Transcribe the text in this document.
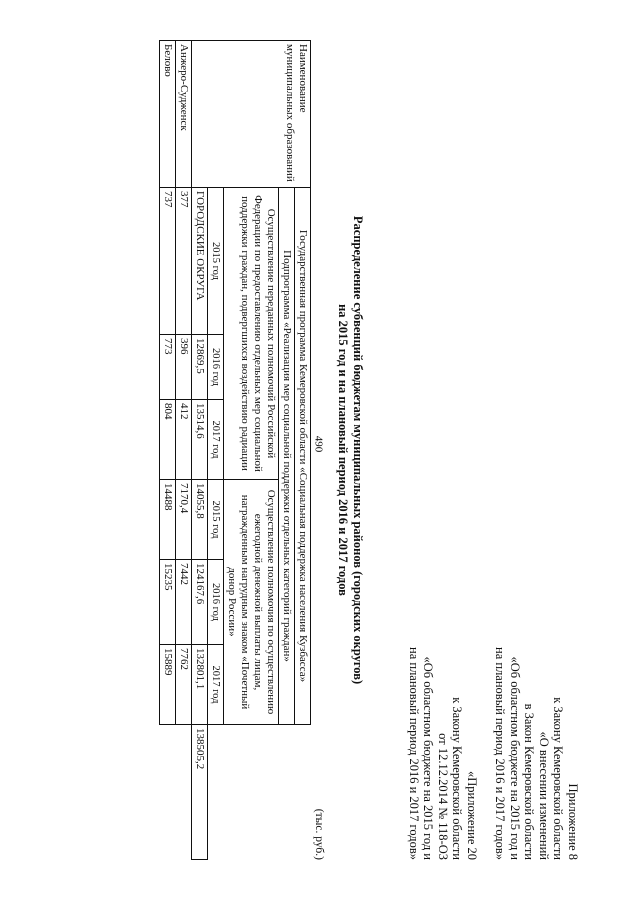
490
Приложение 8
к Закону Кемеровской области
«О внесении изменений
в Закон Кемеровской области
«Об областном бюджете на 2015 год и
на плановый период 2016 и 2017 годов»
«Приложение 20
к Закону Кемеровской области
от 12.12.2014 № 118-ОЗ
«Об областном бюджете на 2015 год и
на плановый период 2016 и 2017 годов»
Распределение субвенций бюджетам муниципальных районов (городских округов)
на 2015 год и на плановый период 2016 и 2017 годов
(тыс. руб.)
Наименование муниципальных образований	Государственная программа Кемеровской области «Социальная поддержка населения Кузбасса»						
	Подпрограмма «Реализация мер социальной поддержки отдельных категорий граждан»						
	Осуществление переданных полномочий Российской Федерации по предоставлению отдельных мер социальной поддержки граждан, подвергшихся воздействию радиации			Осуществление полномочия по осуществлению ежегодной денежной выплаты лицам, награжденным нагрудным знаком «Почетный донор России»			
	2015 год	2016 год	2017 год	2015 год	2016 год	2017 год	
	ГОРОДСКИЕ ОКРУГА	12869,5	13514,6	14055,8	124167,6	132801,1	138505,2
Анжеро-Судженск	377	396	412	7170,4	7442	7762	
Белово	737	773	804	14488	15235	15889	
